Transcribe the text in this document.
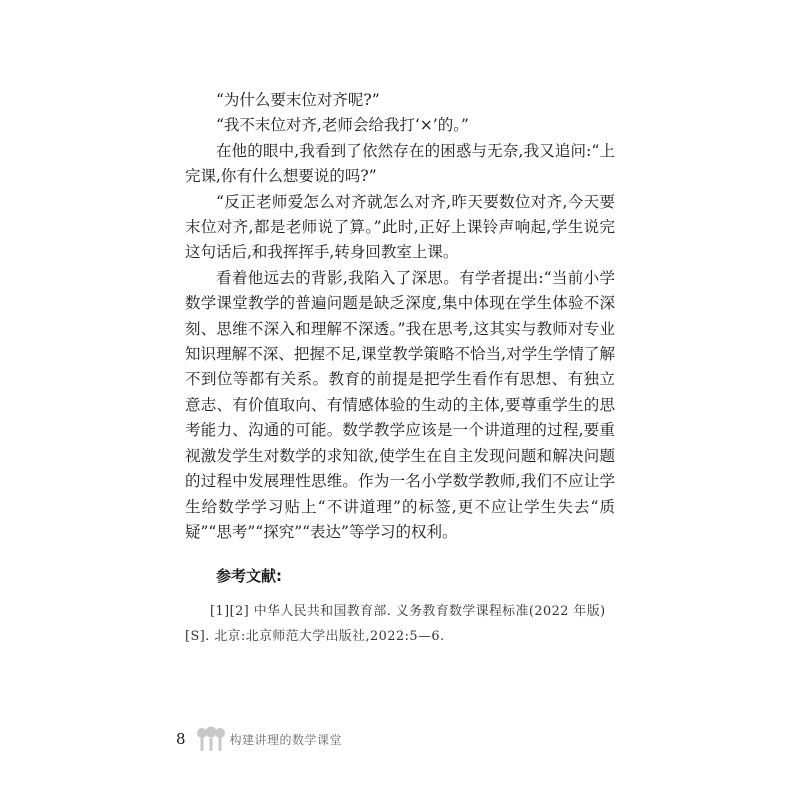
“为什么要末位对齐呢?”

“我不末位对齐,老师会给我打‘×’的。”

在他的眼中,我看到了依然存在的困惑与无奈,我又追问:“上完课,你有什么想要说的吗?”

“反正老师爱怎么对齐就怎么对齐,昨天要数位对齐,今天要末位对齐,都是老师说了算。”此时,正好上课铃声响起,学生说完这句话后,和我挥挥手,转身回教室上课。

看着他远去的背影,我陷入了深思。有学者提出:“当前小学数学课堂教学的普遍问题是缺乏深度,集中体现在学生体验不深刻、思维不深入和理解不深透。”我在思考,这其实与教师对专业知识理解不深、把握不足,课堂教学策略不恰当,对学生学情了解不到位等都有关系。教育的前提是把学生看作有思想、有独立意志、有价值取向、有情感体验的生动的主体,要尊重学生的思考能力、沟通的可能。数学教学应该是一个讲道理的过程,要重视激发学生对数学的求知欲,使学生在自主发现问题和解决问题的过程中发展理性思维。作为一名小学数学教师,我们不应让学生给数学学习贴上“不讲道理”的标签,更不应让学生失去“质疑”“思考”“探究”“表达”等学习的权利。

参考文献:

[1][2] 中华人民共和国教育部. 义务教育数学课程标准(2022 年版)[S]. 北京:北京师范大学出版社,2022:5—6.

8	构建讲理的数学课堂
